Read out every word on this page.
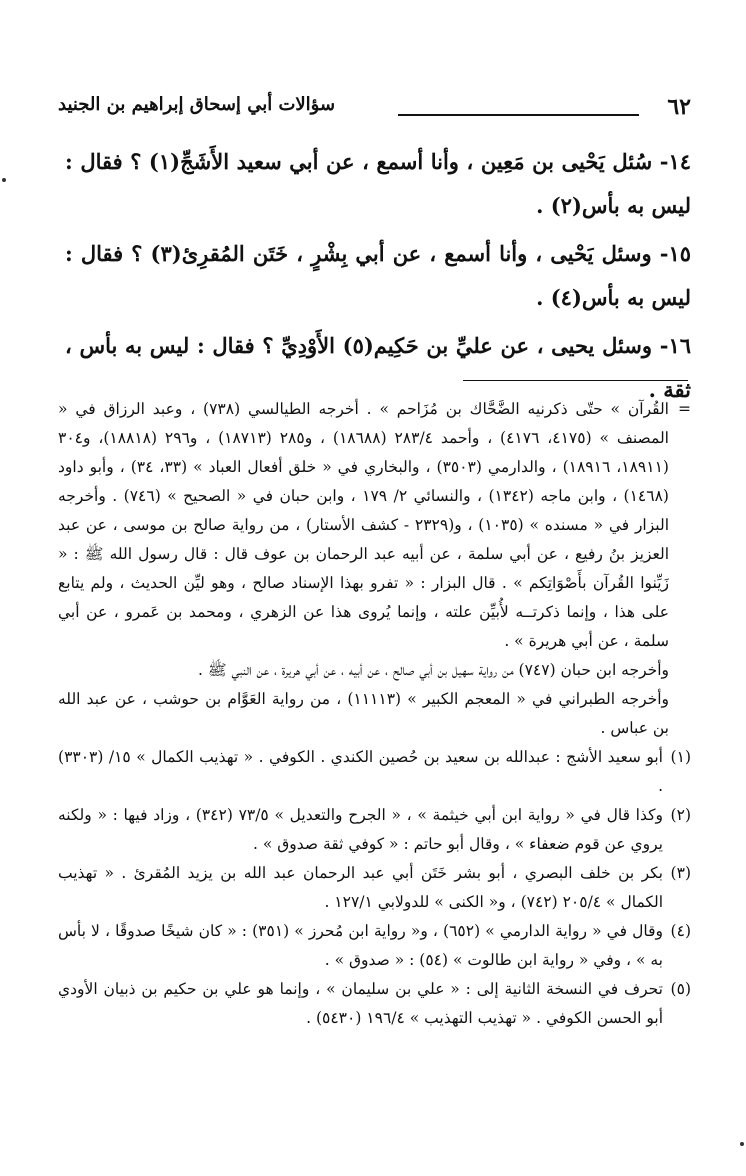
٦٢
سؤالات أبي إسحاق إبراهيم بن الجنيد

١٤- سُئل يَحْيى بن مَعِين ، وأنا أسمع ، عن أبي سعيد الأَشَجِّ(١) ؟ فقال : ليس به بأس(٢) .

١٥- وسئل يَحْيى ، وأنا أسمع ، عن أبي بِشْرٍ ، خَتَن المُقرِئ(٣) ؟ فقال : ليس به بأس(٤) .

١٦- وسئل يحيى ، عن عليِّ بن حَكِيم(٥) الأَوْدِيِّ ؟ فقال : ليس به بأس ، ثقة .

=
القُرآن » حتّى ذكرنيه الضَّحَّاك بن مُزَاحم » . أخرجه الطيالسي (٧٣٨) ، وعبد الرزاق في « المصنف » (٤١٧٥، ٤١٧٦) ، وأحمد ٢٨٣/٤ (١٨٦٨٨) ، و٢٨٥ (١٨٧١٣) ، و٢٩٦ (١٨٨١٨)، و٣٠٤ (١٨٩١١، ١٨٩١٦) ، والدارمي (٣٥٠٣) ، والبخاري في « خلق أفعال العباد » (٣٣، ٣٤) ، وأبو داود (١٤٦٨) ، وابن ماجه (١٣٤٢) ، والنسائي ٢/ ١٧٩ ، وابن حبان في « الصحيح » (٧٤٦) . وأخرجه البزار في « مسنده » (١٠٣٥) ، و(٢٣٢٩ - كشف الأستار) ، من رواية صالح بن موسى ، عن عبد العزيز بنُ رفيع ، عن أبي سلمة ، عن أبيه عبد الرحمان بن عوف قال : قال رسول الله ﷺ : « زَيِّنوا القُرآن بأَصْوَاتِكم » . قال البزار : « تفرو بهذا الإسناد صالح ، وهو ليِّن الحديث ، ولم يتابع على هذا ، وإنما ذكرتــه لأُبيِّن علته ، وإنما يُروى هذا عن الزهري ، ومحمد بن عَمرو ، عن أبي سلمة ، عن أبي هريرة » .

وأخرجه ابن حبان (٧٤٧) من رواية سهيل بن أبي صالح ، عن أبيه ، عن أبي هريرة ، عن النبي ﷺ .

وأخرجه الطبراني في « المعجم الكبير » (١١١١٣) ، من رواية العَوَّام بن حوشب ، عن عبد الله بن عباس .

(١)
أبو سعيد الأشج : عبدالله بن سعيد بن حُصين الكندي . الكوفي . « تهذيب الكمال » ١٥/ (٣٣٠٣) .
(٢)
وكذا قال في « رواية ابن أبي خيثمة » ، « الجرح والتعديل » ٧٣/٥ (٣٤٢) ، وزاد فيها : « ولكنه يروي عن قوم ضعفاء » ، وقال أبو حاتم : « كوفي ثقة صدوق » .
(٣)
بكر بن خلف البصري ، أبو بشر خَتَن أبي عبد الرحمان عبد الله بن يزيد المُقرئ . « تهذيب الكمال » ٢٠٥/٤ (٧٤٢) ، و« الكنى » للدولابي ١٢٧/١ .
(٤)
وقال في « رواية الدارمي » (٦٥٢) ، و« رواية ابن مُحرز » (٣٥١) : « كان شيخًا صدوقًا ، لا بأس به » ، وفي « رواية ابن طالوت » (٥٤) : « صدوق » .
(٥)
تحرف في النسخة الثانية إلى : « علي بن سليمان » ، وإنما هو علي بن حكيم بن ذبيان الأودي أبو الحسن الكوفي . « تهذيب التهذيب » ١٩٦/٤ (٥٤٣٠) .
